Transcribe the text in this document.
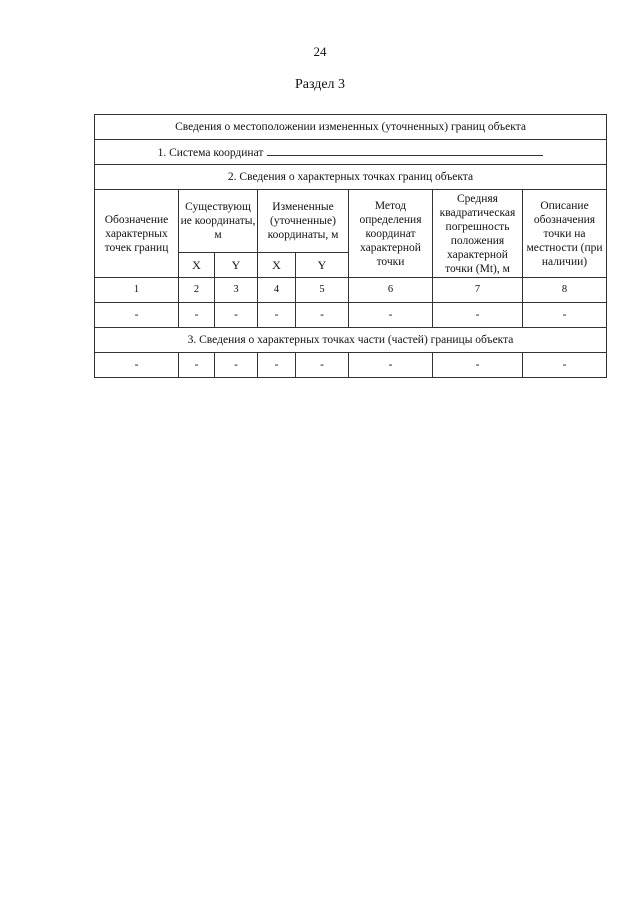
24
Раздел 3
Сведения о местоположении измененных (уточненных) границ объекта							
1. Система координат							
2. Сведения о характерных точках границ объекта							
Обозначение характерных точек границ	Существующ ие координаты, м		Измененные (уточненные) координаты, м		Метод определения координат характерной точки	Средняя квадратическая погрешность положения характерной точки (Mt), м	Описание обозначения точки на местности (при наличии)
	X	Y	X	Y			
1	2	3	4	5	6	7	8
-	-	-	-	-	-	-	-
3. Сведения о характерных точках части (частей) границы объекта							
-	-	-	-	-	-	-	-
